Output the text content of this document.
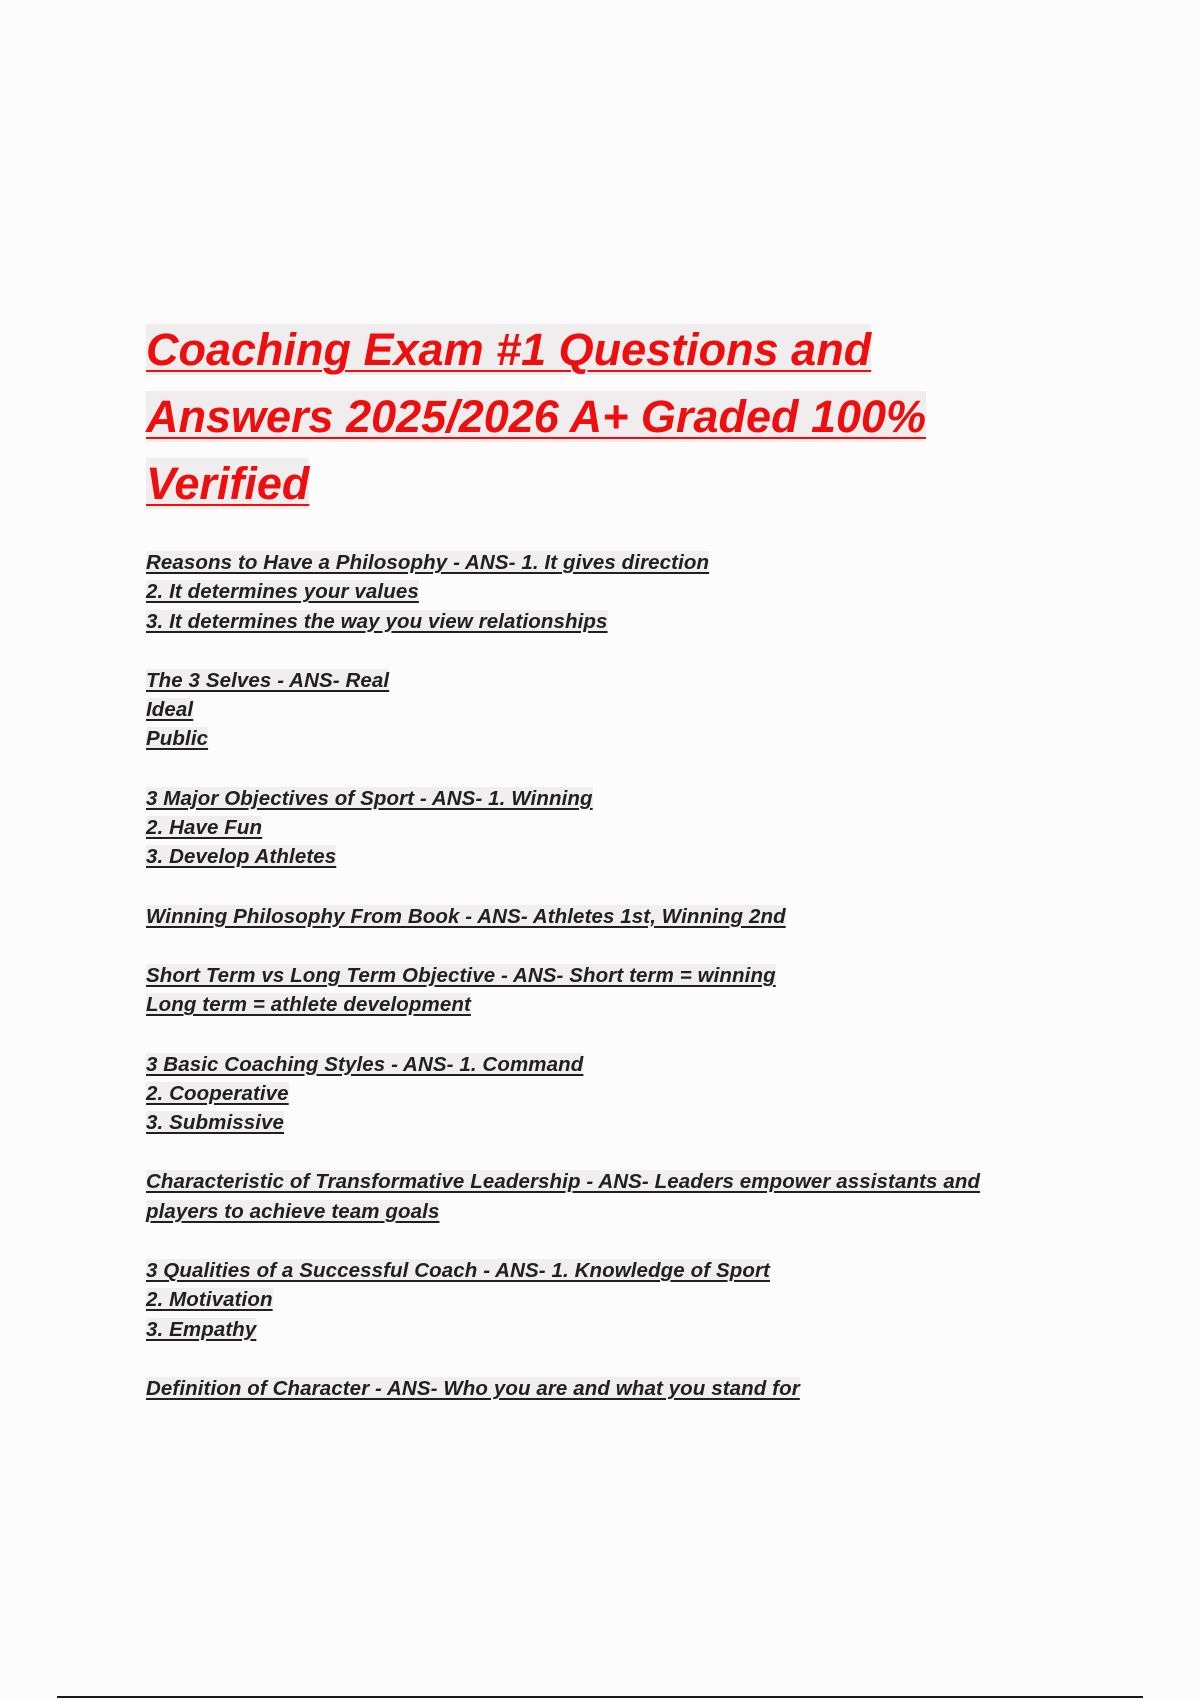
Coaching Exam #1 Questions and
Answers 2025/2026 A+ Graded 100%
Verified
Reasons to Have a Philosophy - ANS- 1. It gives direction
2. It determines your values
3. It determines the way you view relationships
The 3 Selves - ANS- Real
Ideal
Public
3 Major Objectives of Sport - ANS- 1. Winning
2. Have Fun
3. Develop Athletes
Winning Philosophy From Book - ANS- Athletes 1st, Winning 2nd
Short Term vs Long Term Objective - ANS- Short term = winning
Long term = athlete development
3 Basic Coaching Styles - ANS- 1. Command
2. Cooperative
3. Submissive
Characteristic of Transformative Leadership - ANS- Leaders empower assistants and
players to achieve team goals
3 Qualities of a Successful Coach - ANS- 1. Knowledge of Sport
2. Motivation
3. Empathy
Definition of Character - ANS- Who you are and what you stand for
